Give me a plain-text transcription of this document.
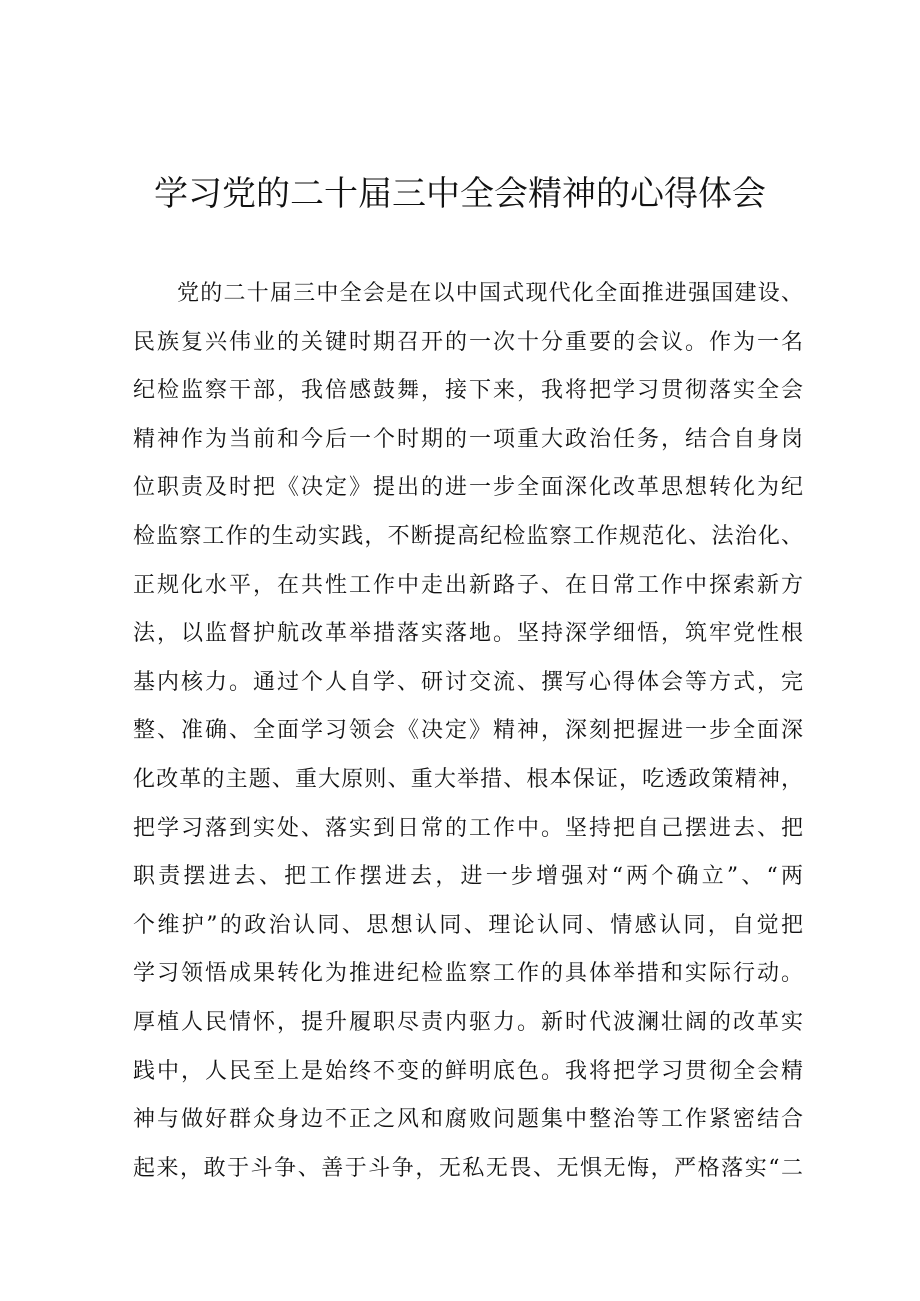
学习党的二十届三中全会精神的心得体会
党的二十届三中全会是在以中国式现代化全面推进强国建设、
民族复兴伟业的关键时期召开的一次十分重要的会议。作为一名
纪检监察干部，我倍感鼓舞，接下来，我将把学习贯彻落实全会
精神作为当前和今后一个时期的一项重大政治任务，结合自身岗
位职责及时把《决定》提出的进一步全面深化改革思想转化为纪
检监察工作的生动实践，不断提高纪检监察工作规范化、法治化、
正规化水平，在共性工作中走出新路子、在日常工作中探索新方
法，以监督护航改革举措落实落地。坚持深学细悟，筑牢党性根
基内核力。通过个人自学、研讨交流、撰写心得体会等方式，完
整、准确、全面学习领会《决定》精神，深刻把握进一步全面深
化改革的主题、重大原则、重大举措、根本保证，吃透政策精神，
把学习落到实处、落实到日常的工作中。坚持把自己摆进去、把
职责摆进去、把工作摆进去，进一步增强对“两个确立”、“两
个维护”的政治认同、思想认同、理论认同、情感认同，自觉把
学习领悟成果转化为推进纪检监察工作的具体举措和实际行动。
厚植人民情怀，提升履职尽责内驱力。新时代波澜壮阔的改革实
践中，人民至上是始终不变的鲜明底色。我将把学习贯彻全会精
神与做好群众身边不正之风和腐败问题集中整治等工作紧密结合
起来，敢于斗争、善于斗争，无私无畏、无惧无悔，严格落实“二
